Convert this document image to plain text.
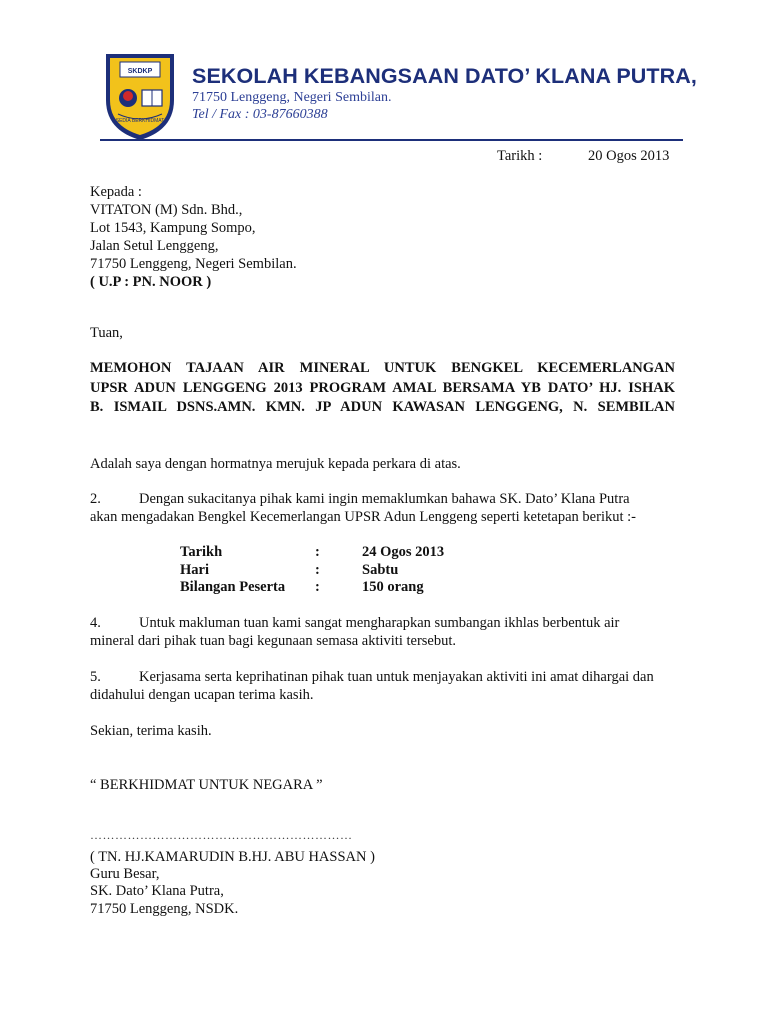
SKDKP
SEDIA BERKHIDMAT
SEKOLAH KEBANGSAAN DATO’ KLANA PUTRA,
71750 Lenggeng, Negeri Sembilan.
Tel / Fax : 03-87660388
Tarikh :	20 Ogos 2013
Kepada :
VITATON (M) Sdn. Bhd.,
Lot 1543, Kampung Sompo,
Jalan Setul Lenggeng,
71750 Lenggeng, Negeri Sembilan.
( U.P : PN. NOOR )
Tuan,
MEMOHON TAJAAN AIR MINERAL UNTUK BENGKEL KECEMERLANGAN
UPSR ADUN LENGGENG 2013 PROGRAM AMAL BERSAMA YB DATO’ HJ. ISHAK
B. ISMAIL DSNS.AMN. KMN. JP ADUN KAWASAN LENGGENG, N. SEMBILAN
Adalah saya dengan hormatnya merujuk kepada perkara di atas.
2.	Dengan sukacitanya pihak kami ingin memaklumkan bahawa SK. Dato’ Klana Putra
akan mengadakan Bengkel Kecemerlangan UPSR Adun Lenggeng seperti ketetapan berikut :-
Tarikh	:	24 Ogos 2013
Hari	:	Sabtu
Bilangan Peserta :	150 orang
4.	Untuk makluman tuan kami sangat mengharapkan sumbangan ikhlas berbentuk air
mineral dari pihak tuan bagi kegunaan semasa aktiviti tersebut.
5.	Kerjasama serta keprihatinan pihak tuan untuk menjayakan aktiviti ini amat dihargai dan
didahului dengan ucapan terima kasih.
Sekian, terima kasih.
“ BERKHIDMAT UNTUK NEGARA ”
………………………………………………………
( TN. HJ.KAMARUDIN B.HJ. ABU HASSAN )
Guru Besar,
SK. Dato’ Klana Putra,
71750 Lenggeng, NSDK.
